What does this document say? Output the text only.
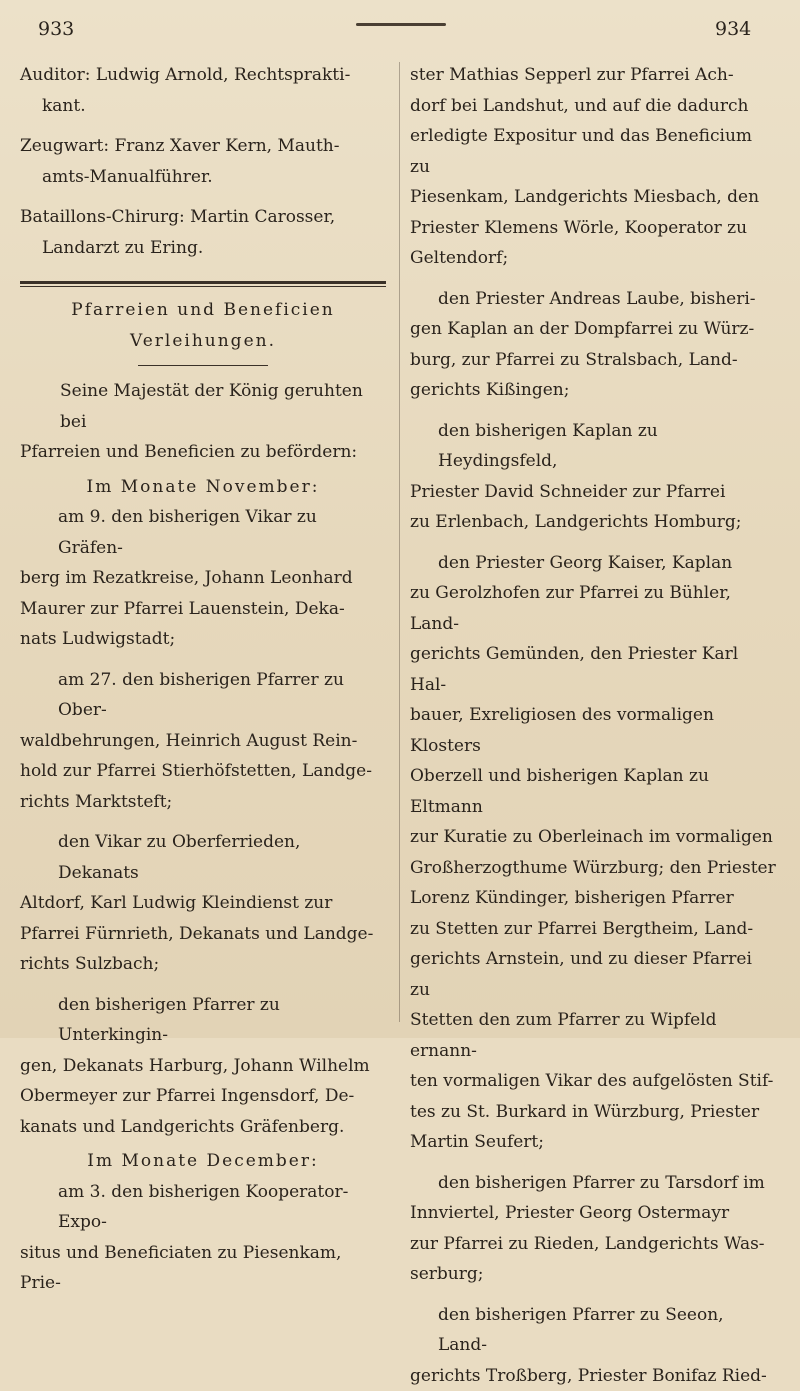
933	934
Auditor: Ludwig Arnold, Rechtsprakti-
kant.
Zeugwart: Franz Xaver Kern, Mauth-
amts-Manualführer.
Bataillons-Chirurg: Martin Carosser,
Landarzt zu Ering.
Pfarreien und Beneficien
Verleihungen.
Seine Majestät der König geruhten bei
Pfarreien und Beneficien zu befördern:
Im Monate November:
am 9. den bisherigen Vikar zu Gräfen-
berg im Rezatkreise, Johann Leonhard
Maurer zur Pfarrei Lauenstein, Deka-
nats Ludwigstadt;
am 27. den bisherigen Pfarrer zu Ober-
waldbehrungen, Heinrich August Rein-
hold zur Pfarrei Stierhöfstetten, Landge-
richts Marktsteft;
den Vikar zu Oberferrieden, Dekanats
Altdorf, Karl Ludwig Kleindienst zur
Pfarrei Fürnrieth, Dekanats und Landge-
richts Sulzbach;
den bisherigen Pfarrer zu Unterkingin-
gen, Dekanats Harburg, Johann Wilhelm
Obermeyer zur Pfarrei Ingensdorf, De-
kanats und Landgerichts Gräfenberg.
Im Monate December:
am 3. den bisherigen Kooperator-Expo-
situs und Beneficiaten zu Piesenkam, Prie-
ster Mathias Sepperl zur Pfarrei Ach-
dorf bei Landshut, und auf die dadurch
erledigte Expositur und das Beneficium zu
Piesenkam, Landgerichts Miesbach, den
Priester Klemens Wörle, Kooperator zu
Geltendorf;
den Priester Andreas Laube, bisheri-
gen Kaplan an der Dompfarrei zu Würz-
burg, zur Pfarrei zu Stralsbach, Land-
gerichts Kißingen;
den bisherigen Kaplan zu Heydingsfeld,
Priester David Schneider zur Pfarrei
zu Erlenbach, Landgerichts Homburg;
den Priester Georg Kaiser, Kaplan
zu Gerolzhofen zur Pfarrei zu Bühler, Land-
gerichts Gemünden, den Priester Karl Hal-
bauer, Exreligiosen des vormaligen Klosters
Oberzell und bisherigen Kaplan zu Eltmann
zur Kuratie zu Oberleinach im vormaligen
Großherzogthume Würzburg; den Priester
Lorenz Kündinger, bisherigen Pfarrer
zu Stetten zur Pfarrei Bergtheim, Land-
gerichts Arnstein, und zu dieser Pfarrei zu
Stetten den zum Pfarrer zu Wipfeld ernann-
ten vormaligen Vikar des aufgelösten Stif-
tes zu St. Burkard in Würzburg, Priester
Martin Seufert;
den bisherigen Pfarrer zu Tarsdorf im
Innviertel, Priester Georg Ostermayr
zur Pfarrei zu Rieden, Landgerichts Was-
serburg;
den bisherigen Pfarrer zu Seeon, Land-
gerichts Troßberg, Priester Bonifaz Ried-
